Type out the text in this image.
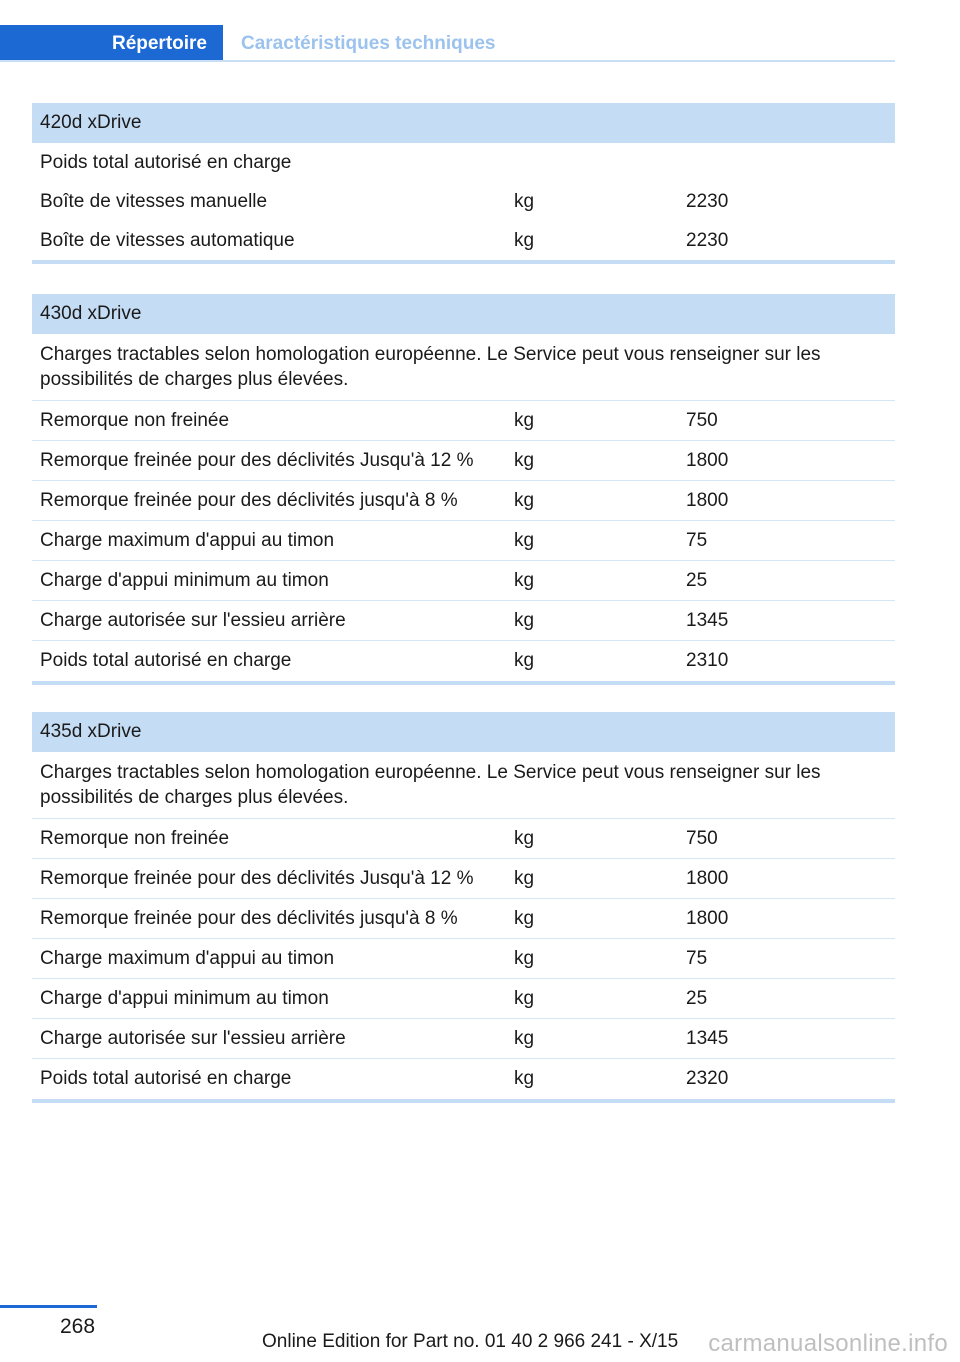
Répertoire	Caractéristiques techniques
420d xDrive
Poids total autorisé en charge
Boîte de vitesses manuelle	kg	2230
Boîte de vitesses automatique	kg	2230
430d xDrive
Charges tractables selon homologation européenne. Le Service peut vous renseigner sur les possibilités de charges plus élevées.
Remorque non freinée	kg	750
Remorque freinée pour des déclivités Jusqu'à 12 %	kg	1800
Remorque freinée pour des déclivités jusqu'à 8 %	kg	1800
Charge maximum d'appui au timon	kg	75
Charge d'appui minimum au timon	kg	25
Charge autorisée sur l'essieu arrière	kg	1345
Poids total autorisé en charge	kg	2310
435d xDrive
Charges tractables selon homologation européenne. Le Service peut vous renseigner sur les possibilités de charges plus élevées.
Remorque non freinée	kg	750
Remorque freinée pour des déclivités Jusqu'à 12 %	kg	1800
Remorque freinée pour des déclivités jusqu'à 8 %	kg	1800
Charge maximum d'appui au timon	kg	75
Charge d'appui minimum au timon	kg	25
Charge autorisée sur l'essieu arrière	kg	1345
Poids total autorisé en charge	kg	2320
268
Online Edition for Part no. 01 40 2 966 241 - X/15 carmanualsonline.info
